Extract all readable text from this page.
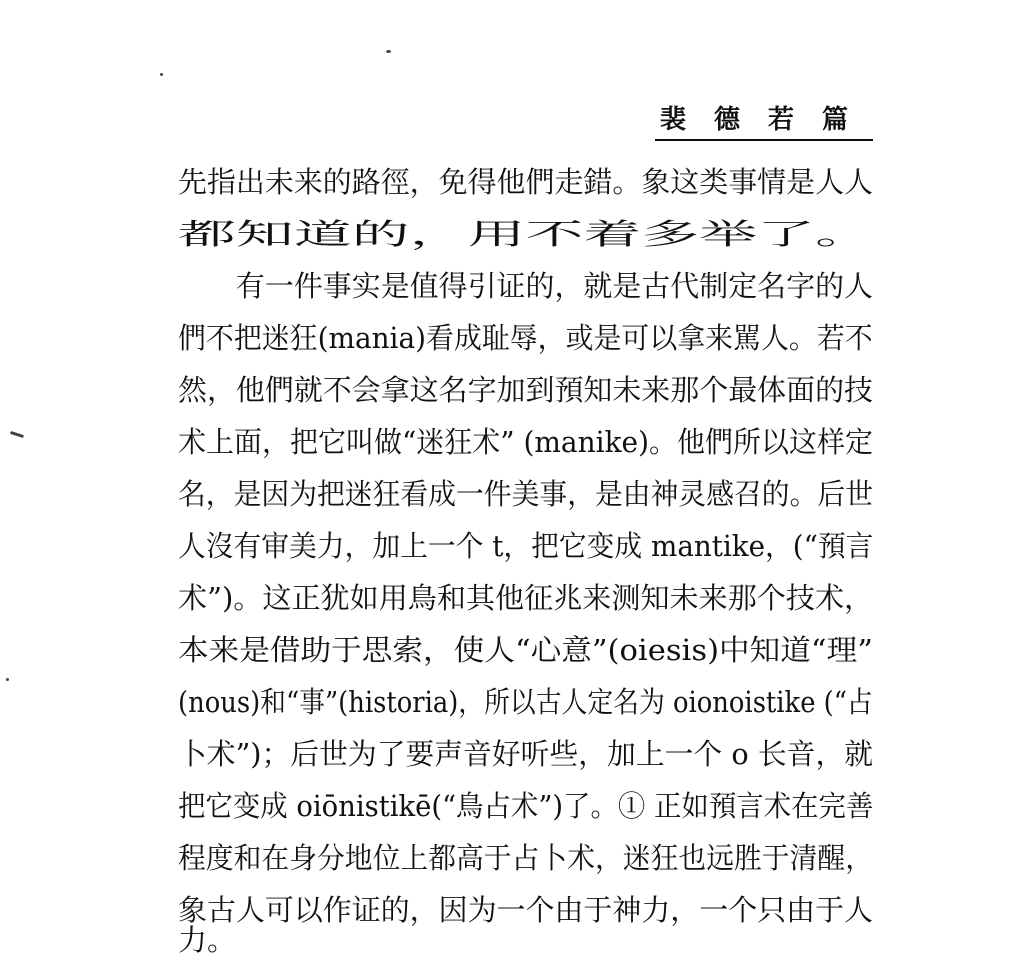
裴德若篇
先指出未来的路徑，免得他們走錯。象这类事情是人人
都知道的，用不着多举了。
　　有一件事实是值得引证的，就是古代制定名字的人
們不把迷狂(mania)看成耻辱，或是可以拿来駡人。若不
然，他們就不会拿这名字加到預知未来那个最体面的技
术上面，把它叫做“迷狂术” (manike)。他們所以这样定
名，是因为把迷狂看成一件美事，是由神灵感召的。后世
人沒有审美力，加上一个 t，把它变成 mantike，(“預言
术”)。这正犹如用鳥和其他征兆来测知未来那个技术，
本来是借助于思索，使人“心意”(oiesis)中知道“理”
(nous)和“事”(historia)，所以古人定名为 oionoistike (“占
卜术”)；后世为了要声音好听些，加上一个 o 长音，就
把它变成 oiōnistikē(“鳥占术”)了。① 正如預言术在完善
程度和在身分地位上都高于占卜术，迷狂也远胜于清醒，
象古人可以作证的，因为一个由于神力，一个只由于人
力。
